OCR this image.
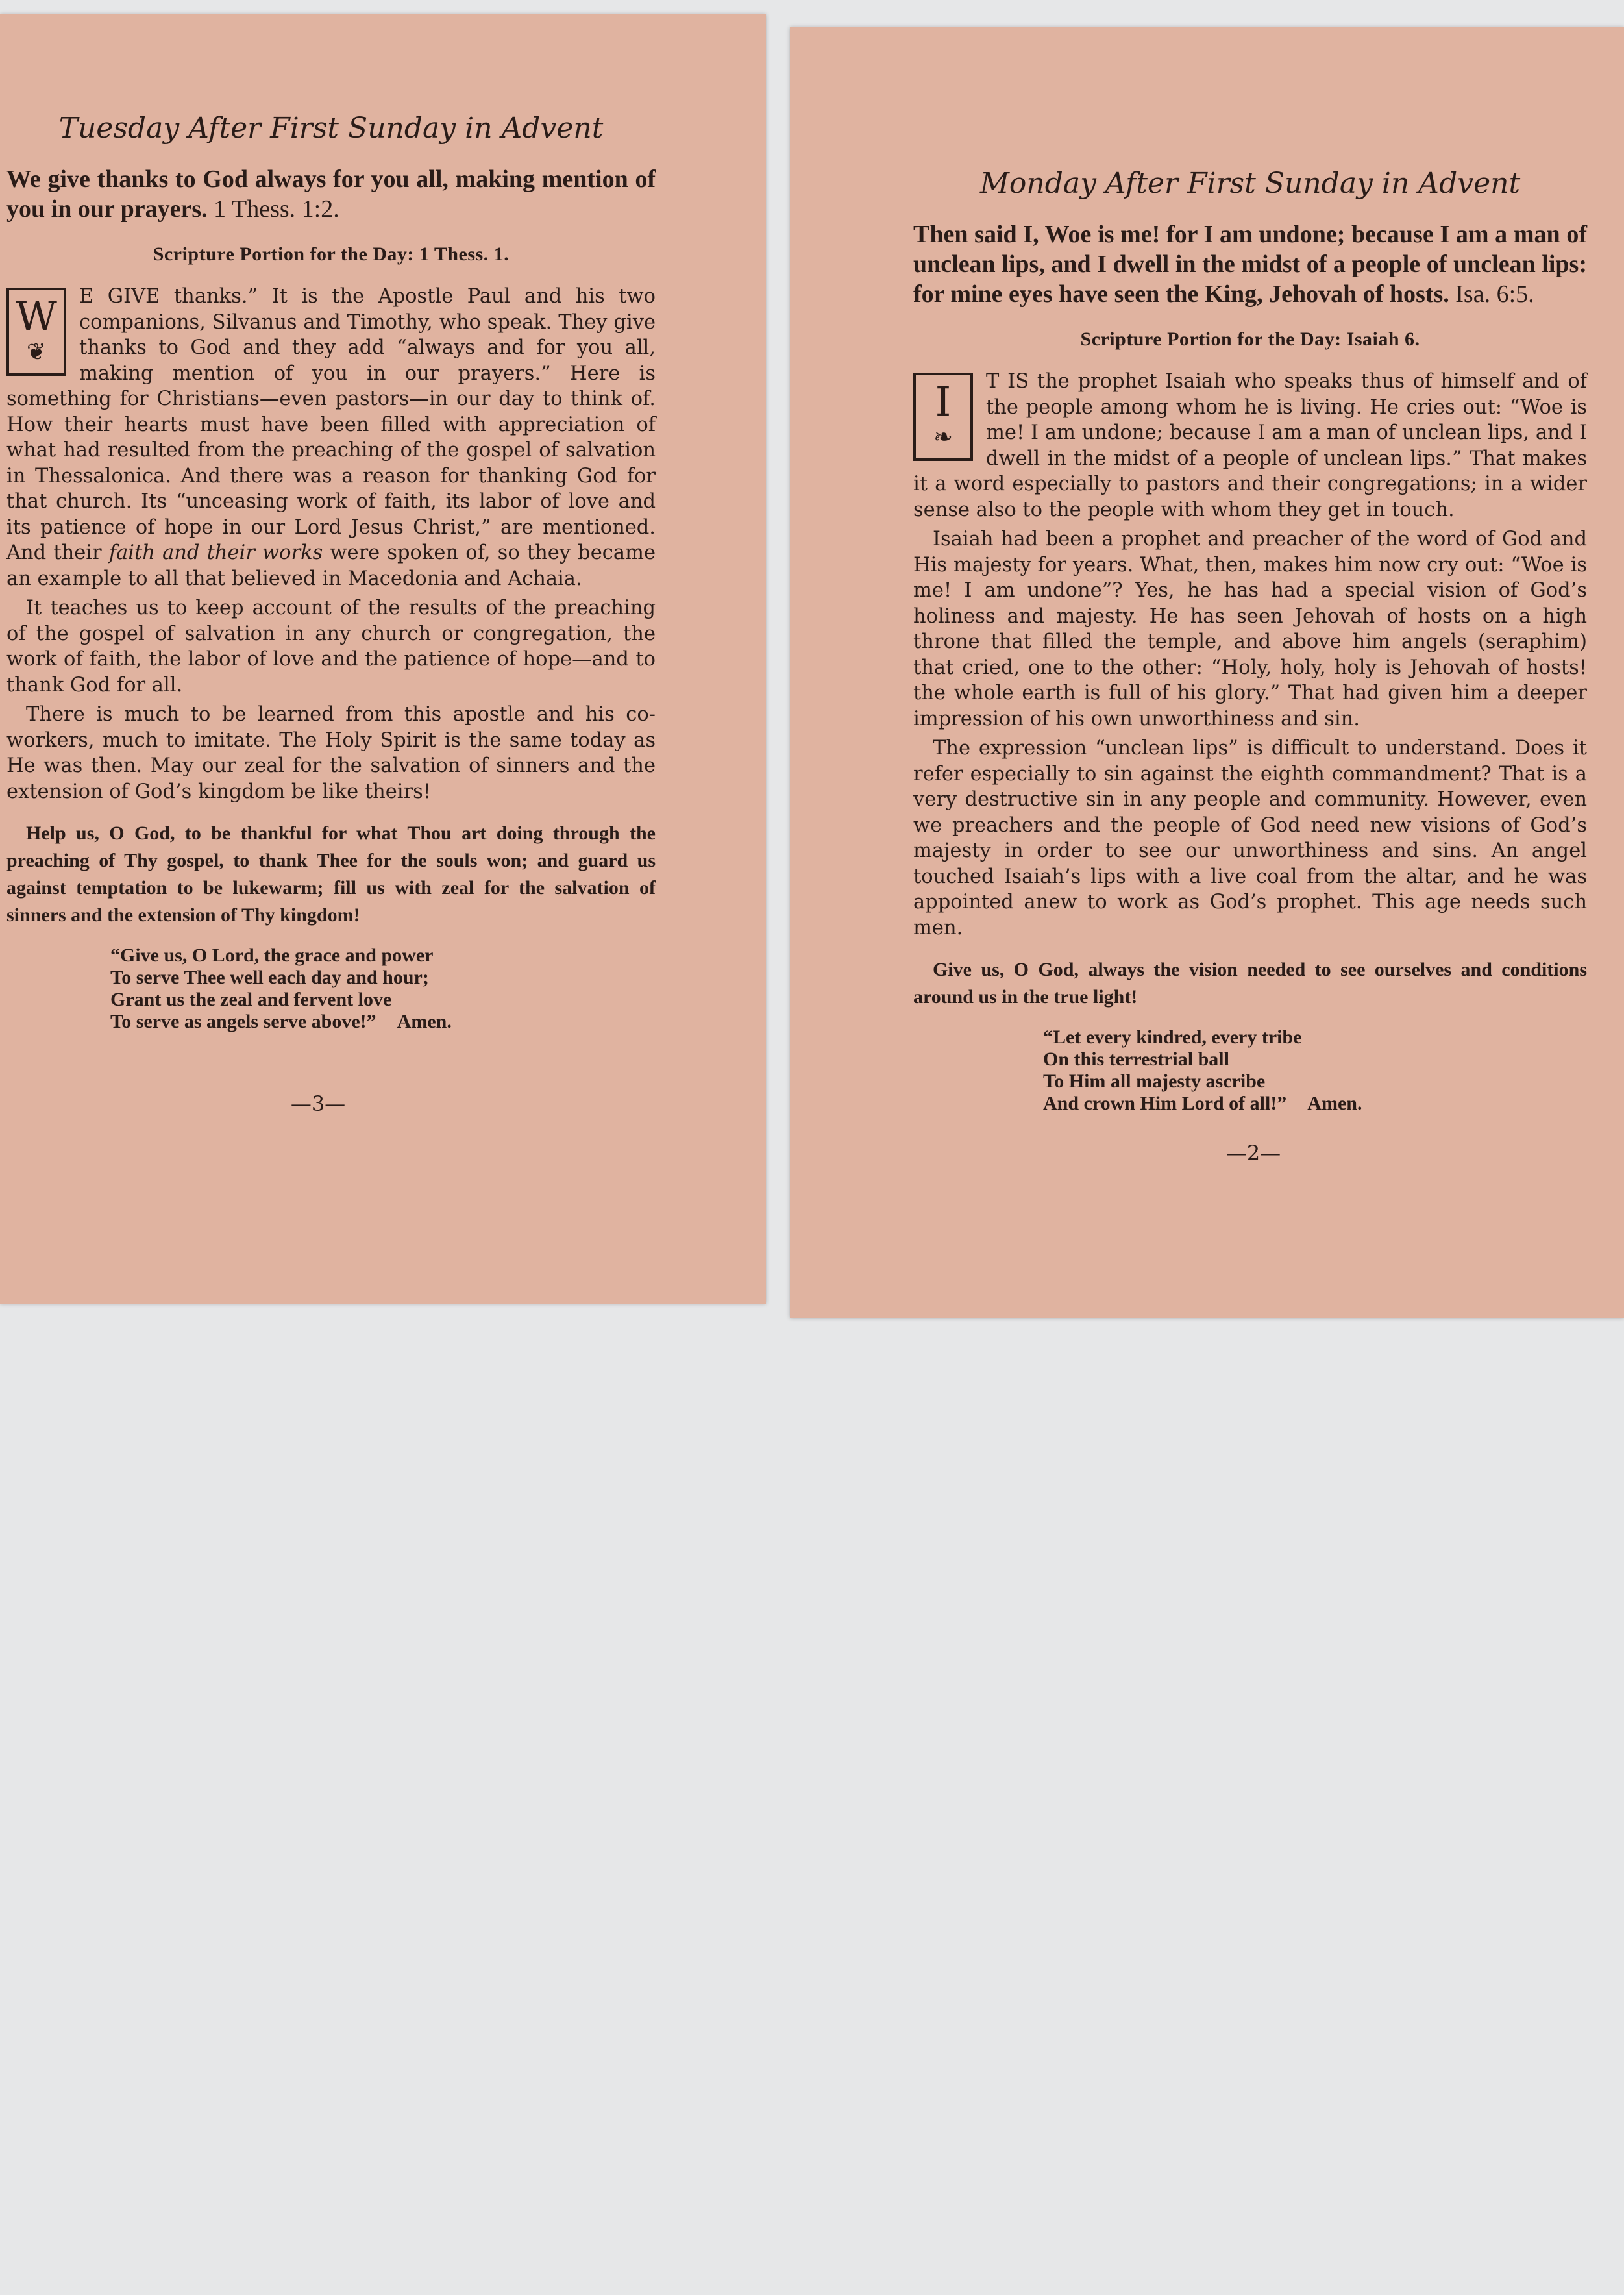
Tuesday After First Sunday in Advent
We give thanks to God always for you all, making mention of you in our prayers. 1 Thess. 1:2.
Scripture Portion for the Day: 1 Thess. 1.
W
❦

E GIVE thanks.” It is the Apostle Paul and his two companions, Silvanus and Timothy, who speak. They give thanks to God and they add “always and for you all, making mention of you in our prayers.” Here is something for Christians—even pastors—in our day to think of. How their hearts must have been filled with appreciation of what had resulted from the preaching of the gospel of salvation in Thessalonica. And there was a reason for thanking God for that church. Its “unceasing work of faith, its labor of love and its patience of hope in our Lord Jesus Christ,” are mentioned. And their faith and their works were spoken of, so they became an example to all that believed in Macedonia and Achaia.

It teaches us to keep account of the results of the preaching of the gospel of salvation in any church or congregation, the work of faith, the labor of love and the patience of hope—and to thank God for all.

There is much to be learned from this apostle and his co-workers, much to imitate. The Holy Spirit is the same today as He was then. May our zeal for the salvation of sinners and the extension of God’s kingdom be like theirs!

Help us, O God, to be thankful for what Thou art doing through the preaching of Thy gospel, to thank Thee for the souls won; and guard us against temptation to be lukewarm; fill us with zeal for the salvation of sinners and the extension of Thy kingdom!
“Give us, O Lord, the grace and power
To serve Thee well each day and hour;
Grant us the zeal and fervent love
To serve as angels serve above!” Amen.
—3—
Monday After First Sunday in Advent
Then said I, Woe is me! for I am undone; because I am a man of unclean lips, and I dwell in the midst of a people of unclean lips: for mine eyes have seen the King, Jehovah of hosts. Isa. 6:5.
Scripture Portion for the Day: Isaiah 6.
I
❧

T IS the prophet Isaiah who speaks thus of himself and of the people among whom he is living. He cries out: “Woe is me! I am undone; because I am a man of unclean lips, and I dwell in the midst of a people of unclean lips.” That makes it a word especially to pastors and their congregations; in a wider sense also to the people with whom they get in touch.

Isaiah had been a prophet and preacher of the word of God and His majesty for years. What, then, makes him now cry out: “Woe is me! I am undone”? Yes, he has had a special vision of God’s holiness and majesty. He has seen Jehovah of hosts on a high throne that filled the temple, and above him angels (seraphim) that cried, one to the other: “Holy, holy, holy is Jehovah of hosts! the whole earth is full of his glory.” That had given him a deeper impression of his own unworthiness and sin.

The expression “unclean lips” is difficult to understand. Does it refer especially to sin against the eighth commandment? That is a very destructive sin in any people and community. However, even we preachers and the people of God need new visions of God’s majesty in order to see our unworthiness and sins. An angel touched Isaiah’s lips with a live coal from the altar, and he was appointed anew to work as God’s prophet. This age needs such men.

Give us, O God, always the vision needed to see ourselves and conditions around us in the true light!
“Let every kindred, every tribe
On this terrestrial ball
To Him all majesty ascribe
And crown Him Lord of all!” Amen.
—2—
